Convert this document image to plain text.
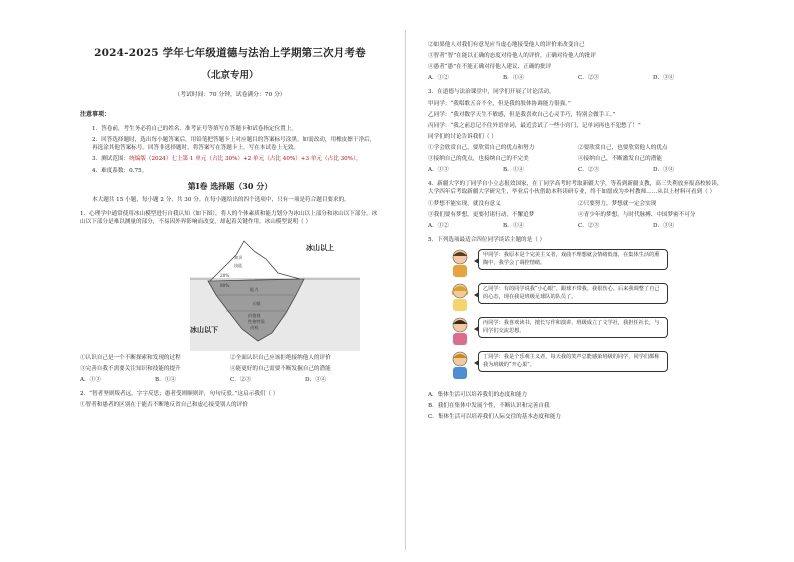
2024-2025 学年七年级道德与法治上学期第三次月考卷
（北京专用）
（考试时间：70 分钟，试卷满分：70 分）
注意事项：

1．答卷前，考生务必将自己的姓名、准考证号等填写在答题卡和试卷指定位置上。

2．回答选择题时，选出每小题答案后，用铅笔把答题卡上对应题目的答案标号涂黑。如需改动，用橡皮擦干净后，再选涂其他答案标号。回答非选择题时，将答案写在答题卡上，写在本试卷上无效。

3．测试范围：统编版（2024）七上第 1 单元（占比 30%）+2 单元（占比 40%）+3 单元（占比 30%）。

4．难度系数：0.75。

第Ⅰ卷 选择题（30 分）
本大题共 15 小题，每小题 2 分，共 30 分。在每小题给出的四个选项中，只有一项是符合题目要求的。
1．心理学中通常使用冰山模型进行自我认知（如下图），将人的个体素质和能力划分为冰山以上部分和冰山以下部分。冰山以下部分是难以测量的部分，不易因外界影响而改变，却起着关键作用。冰山模型说明（ ）
冰山以上
冰山以下
知识
技能
20%
80%
能力
天赋
价值观
性格特质
动机
①认识自己是一个不断探索和发现的过程	②全面认识自己应该拒绝接纳他人的评价
③完善自我不需要关注知识和技能的提升	④能更好的自己需要不断发掘自己的潜能
A．①③	B．①④	C．②③	D．③④
2．“智者坚则叛者远，字字反思；愚者受则顺则评，句句反驳。”这启示我们（ ）
①智者和愚者的区别在于能否不断地反省自己和虚心接受别人的评价
②如果他人对我们有意见应当虚心地接受他人的评价来改变自己
③智者“智”在能以正确的态度对待他人的评价，正确对待他人的批评
④愚者“愚”在不能正确对待他人建议、正确的批评
A．①②	B．①④	C．②③	D．③④
3．在道德与法治课堂中，同学们开展了讨论活动。
甲同学：“我唱歌五音不全，但是我的肢体协调能力很强。”
乙同学：“我对数学天生不敏感，但是我喜欢自己心灵手巧，特别会做手工。”
丙同学：“我之前总记不住外语单词，最近尝试了一些小窍门，记单词再也不犯愁了！”
同学们的讨论告诉我们（ ）
①学会欣赏自己，要欣赏自己的优点和努力	②要欣赏自己，也要欣赏他人的优点
③接纳自己的优点，也接纳自己的不完美	④接纳自己，不断激发自己的潜能
A．①③	B．①④	C．②③	D．③④
4．新疆大学的丁同学自小立志报效国家，在丁同学高考时考取新疆大学，等着到新疆支教，高三失利放弃报高校转读，大学四年后考取新疆大学研究生，毕业后小伙借助本科读研专业，终于如愿成为乡村教师……从以上材料可看到（ ）
①梦想不能实现，就没有意义	②只要努力，梦想就一定会实现
③我们要有梦想，更要付诸行动，不懈追梦	④青少年的梦想，与时代脉搏、中国梦密不可分
A．①②	B．①④	C．②③	D．③④
5．下列选项最适合四位同学谈话主题的是（ ）
甲同学：我原本是个完美主义者，戏曲不理想就会情绪低落，在集体生活的熏陶中，我学会了调控情绪。
乙同学：有的同学说我“小心眼”，跟球不带我。我很伤心。后来我调整了自己的心态，现在我是班级足球队的队员了。
丙同学：我喜欢读书，擅长写作和演讲，班级成立了文学社，我担任社长，与同学们交流思想。
丁同学：我是个乐观主义者，每天我的笑声总能感染班级的同学，同学们都称我为班级的“开心果”。

A．集体生活可以培养我们的态度和能力

B．我们在集体中发展个性，不断认识和完善自我

C．集体生活可以培养我们人际交往的基本态度和能力
